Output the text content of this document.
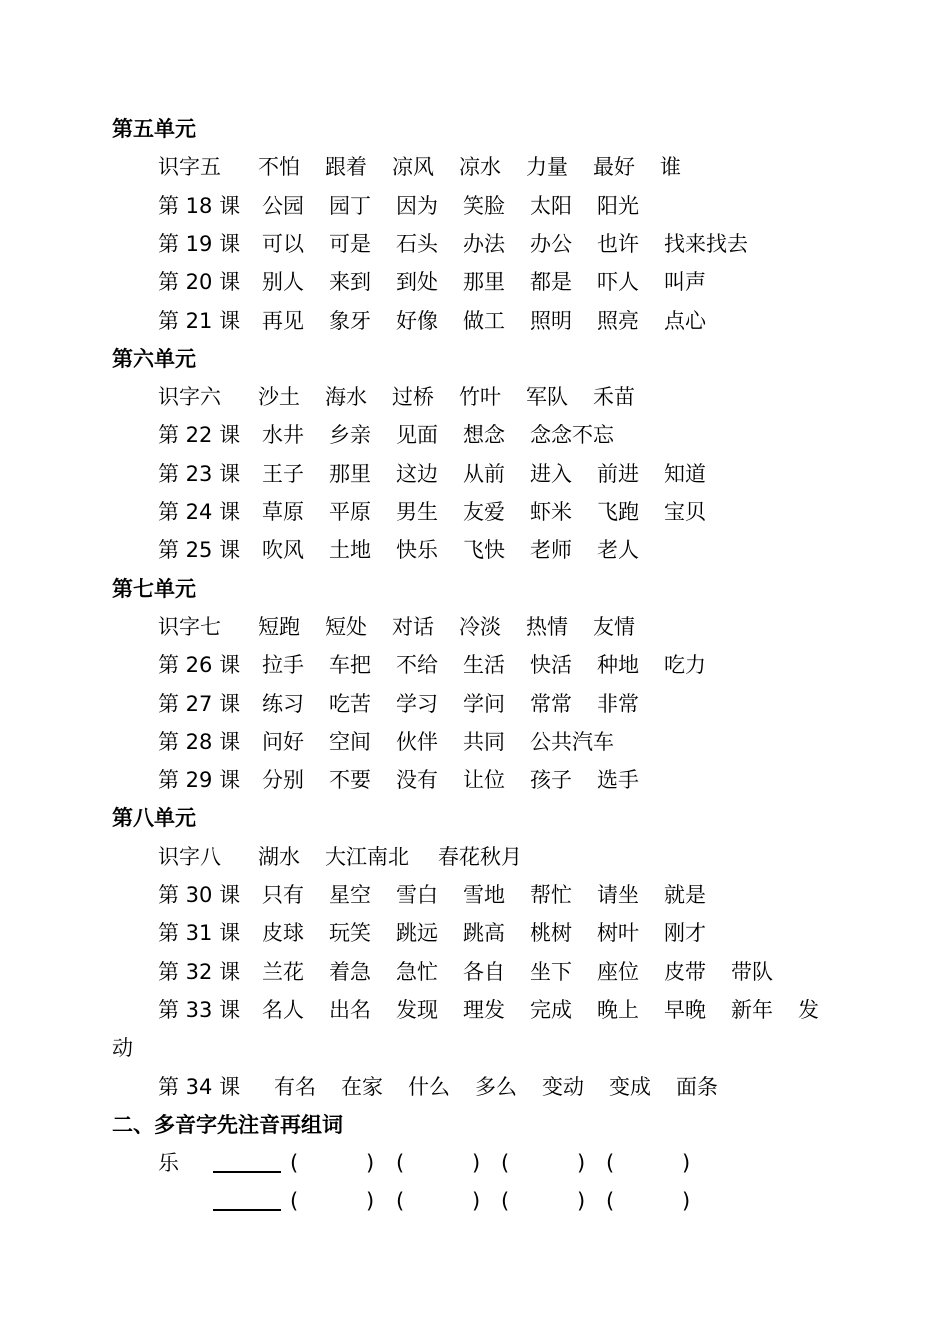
第五单元
识字五 不怕 跟着 凉风 凉水 力量 最好 谁
第 18 课 公园 园丁 因为 笑脸 太阳 阳光
第 19 课 可以 可是 石头 办法 办公 也许 找来找去
第 20 课 别人 来到 到处 那里 都是 吓人 叫声
第 21 课 再见 象牙 好像 做工 照明 照亮 点心
第六单元
识字六 沙土 海水 过桥 竹叶 军队 禾苗
第 22 课 水井 乡亲 见面 想念 念念不忘
第 23 课 王子 那里 这边 从前 进入 前进 知道
第 24 课 草原 平原 男生 友爱 虾米 飞跑 宝贝
第 25 课 吹风 土地 快乐 飞快 老师 老人
第七单元
识字七 短跑 短处 对话 冷淡 热情 友情
第 26 课 拉手 车把 不给 生活 快活 种地 吃力
第 27 课 练习 吃苦 学习 学问 常常 非常
第 28 课 问好 空间 伙伴 共同 公共汽车
第 29 课 分别 不要 没有 让位 孩子 选手
第八单元
识字八 湖水 大江南北 春花秋月
第 30 课 只有 星空 雪白 雪地 帮忙 请坐 就是
第 31 课 皮球 玩笑 跳远 跳高 桃树 树叶 刚才
第 32 课 兰花 着急 急忙 各自 坐下 座位 皮带 带队
第 33 课 名人 出名 发现 理发 完成 晚上 早晚 新年 发
动
第 34 课 有名 在家 什么 多么 变动 变成 面条
二、多音字先注音再组词
乐	(	) (	) (	) (	)
(	) (	) (	) (	)
